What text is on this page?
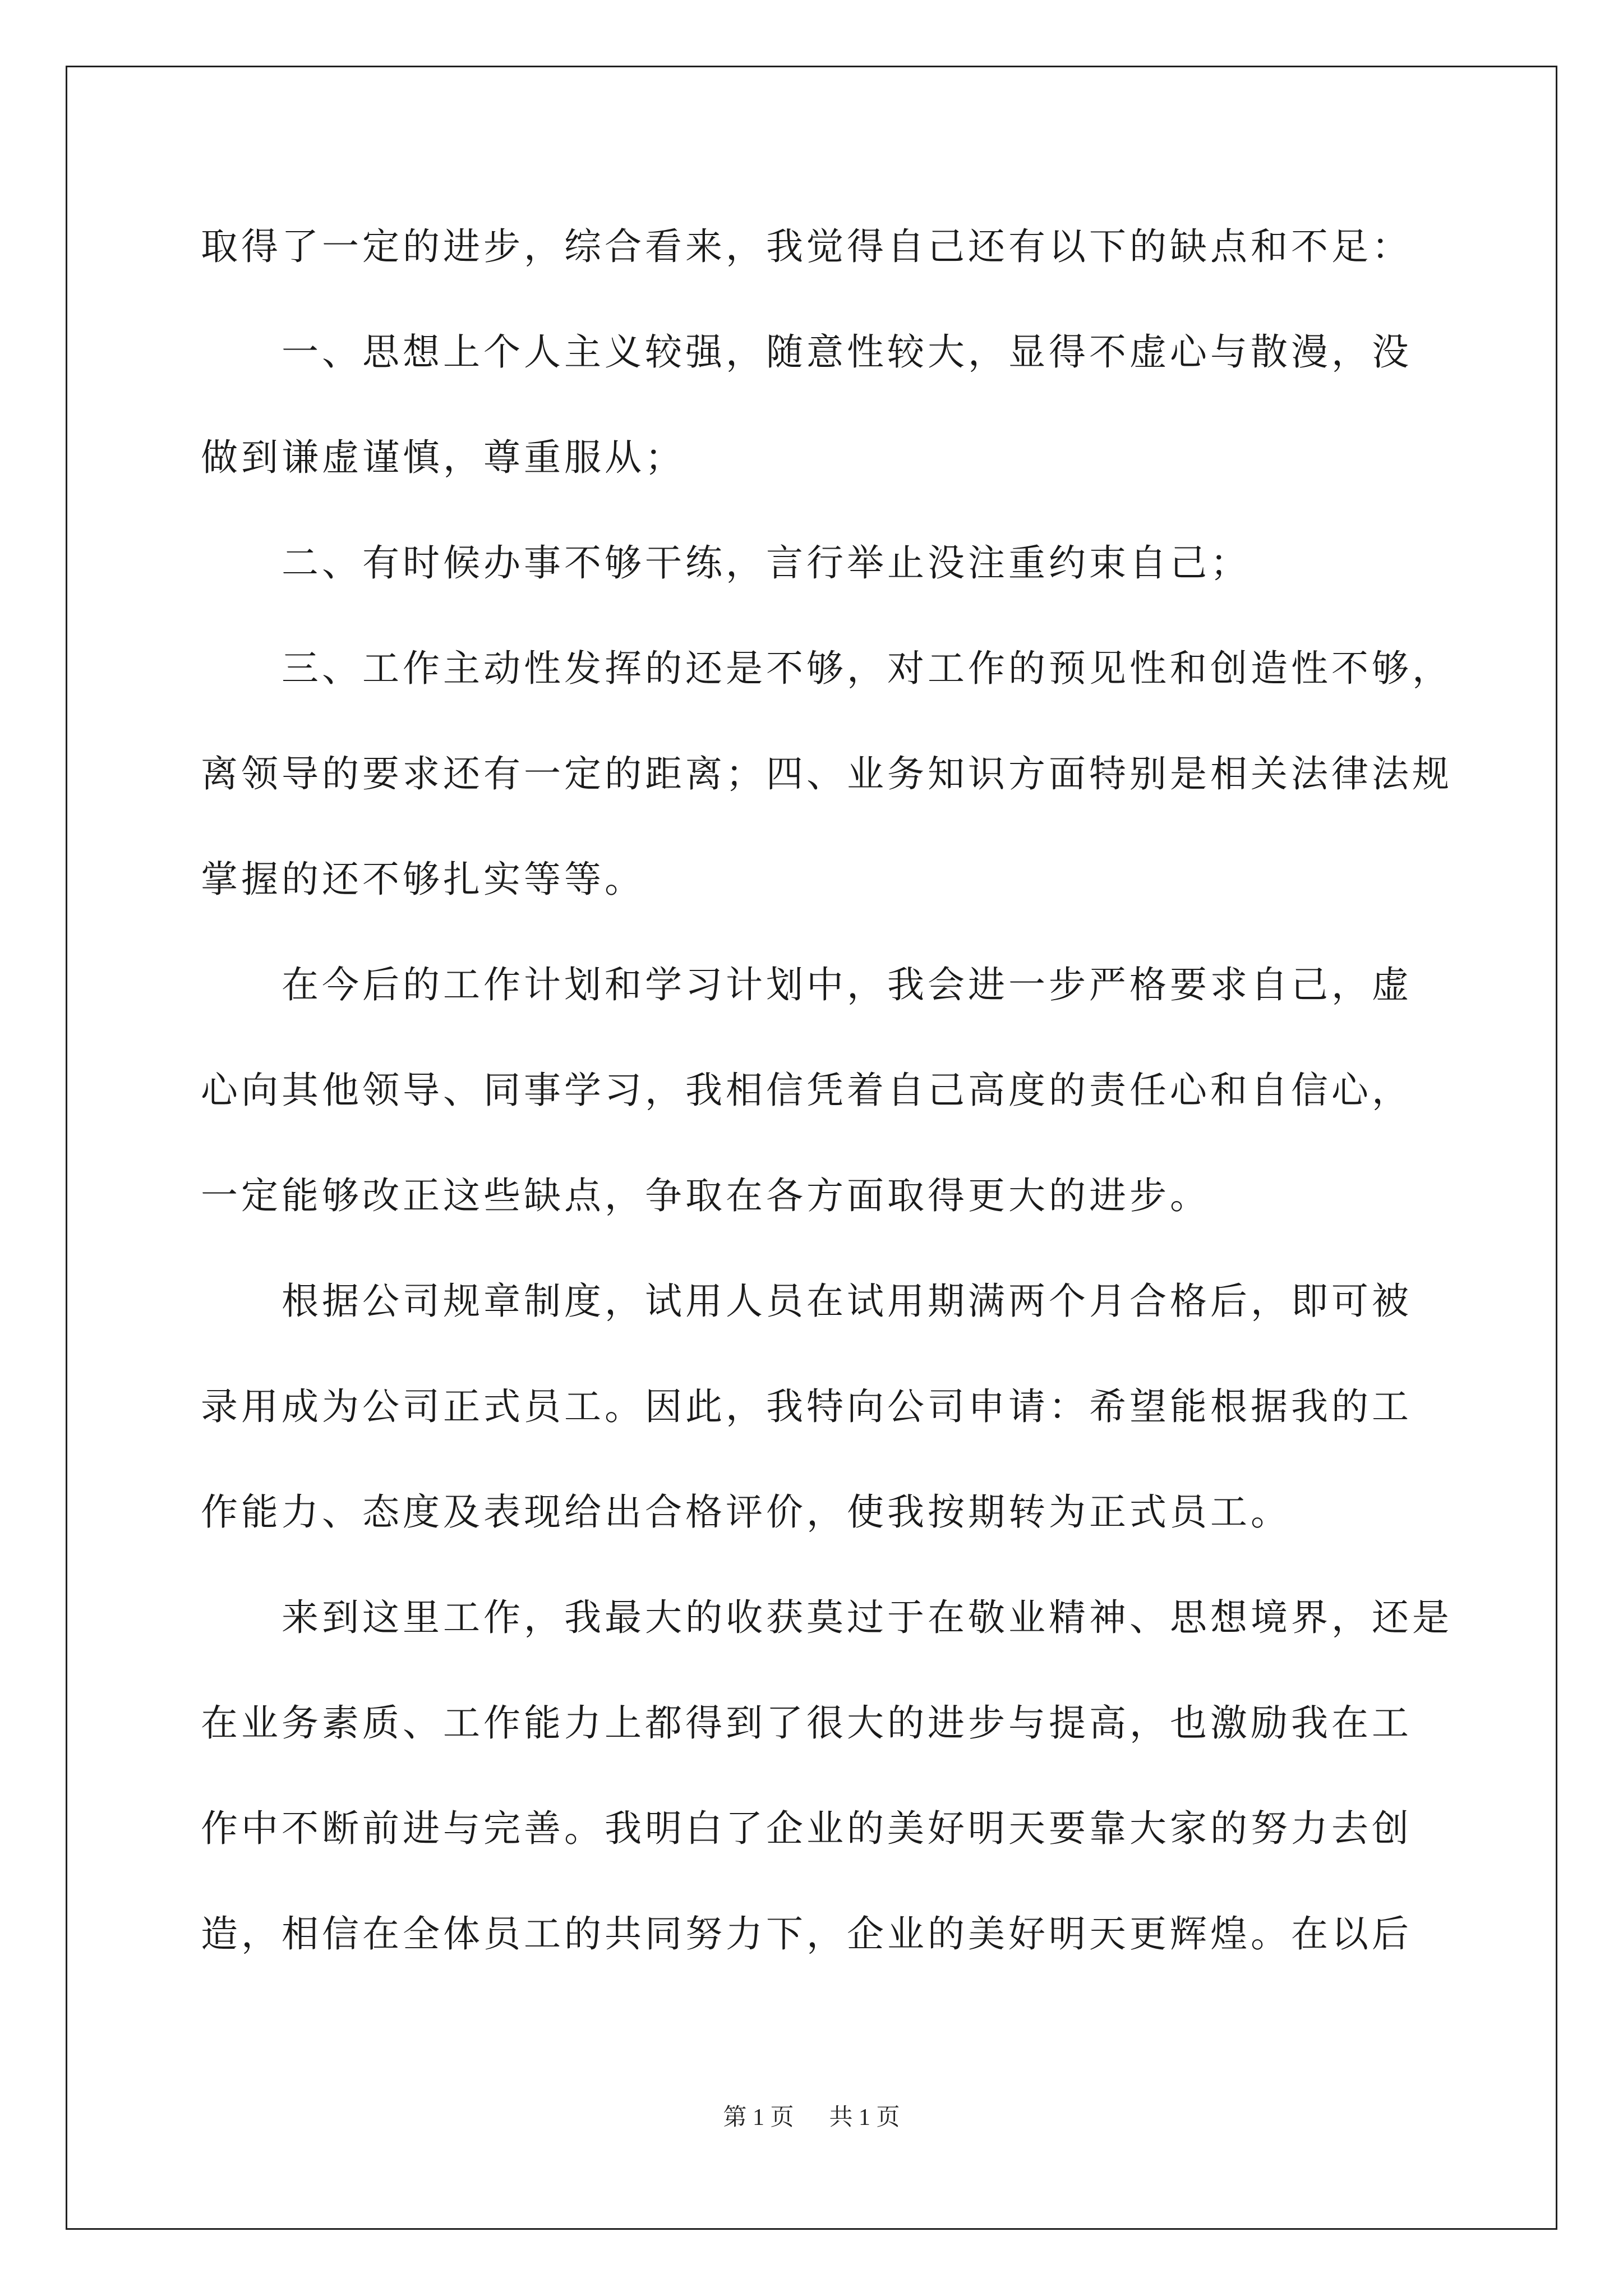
取得了一定的进步，综合看来，我觉得自己还有以下的缺点和不足：
一、思想上个人主义较强，随意性较大，显得不虚心与散漫，没
做到谦虚谨慎，尊重服从；
二、有时候办事不够干练，言行举止没注重约束自己；
三、工作主动性发挥的还是不够，对工作的预见性和创造性不够，
离领导的要求还有一定的距离；四、业务知识方面特别是相关法律法规
掌握的还不够扎实等等。
在今后的工作计划和学习计划中，我会进一步严格要求自己，虚
心向其他领导、同事学习，我相信凭着自己高度的责任心和自信心，
一定能够改正这些缺点，争取在各方面取得更大的进步。
根据公司规章制度，试用人员在试用期满两个月合格后，即可被
录用成为公司正式员工。因此，我特向公司申请：希望能根据我的工
作能力、态度及表现给出合格评价，使我按期转为正式员工。
来到这里工作，我最大的收获莫过于在敬业精神、思想境界，还是
在业务素质、工作能力上都得到了很大的进步与提高，也激励我在工
作中不断前进与完善。我明白了企业的美好明天要靠大家的努力去创
造，相信在全体员工的共同努力下，企业的美好明天更辉煌。在以后
第 1 页 共 1 页
